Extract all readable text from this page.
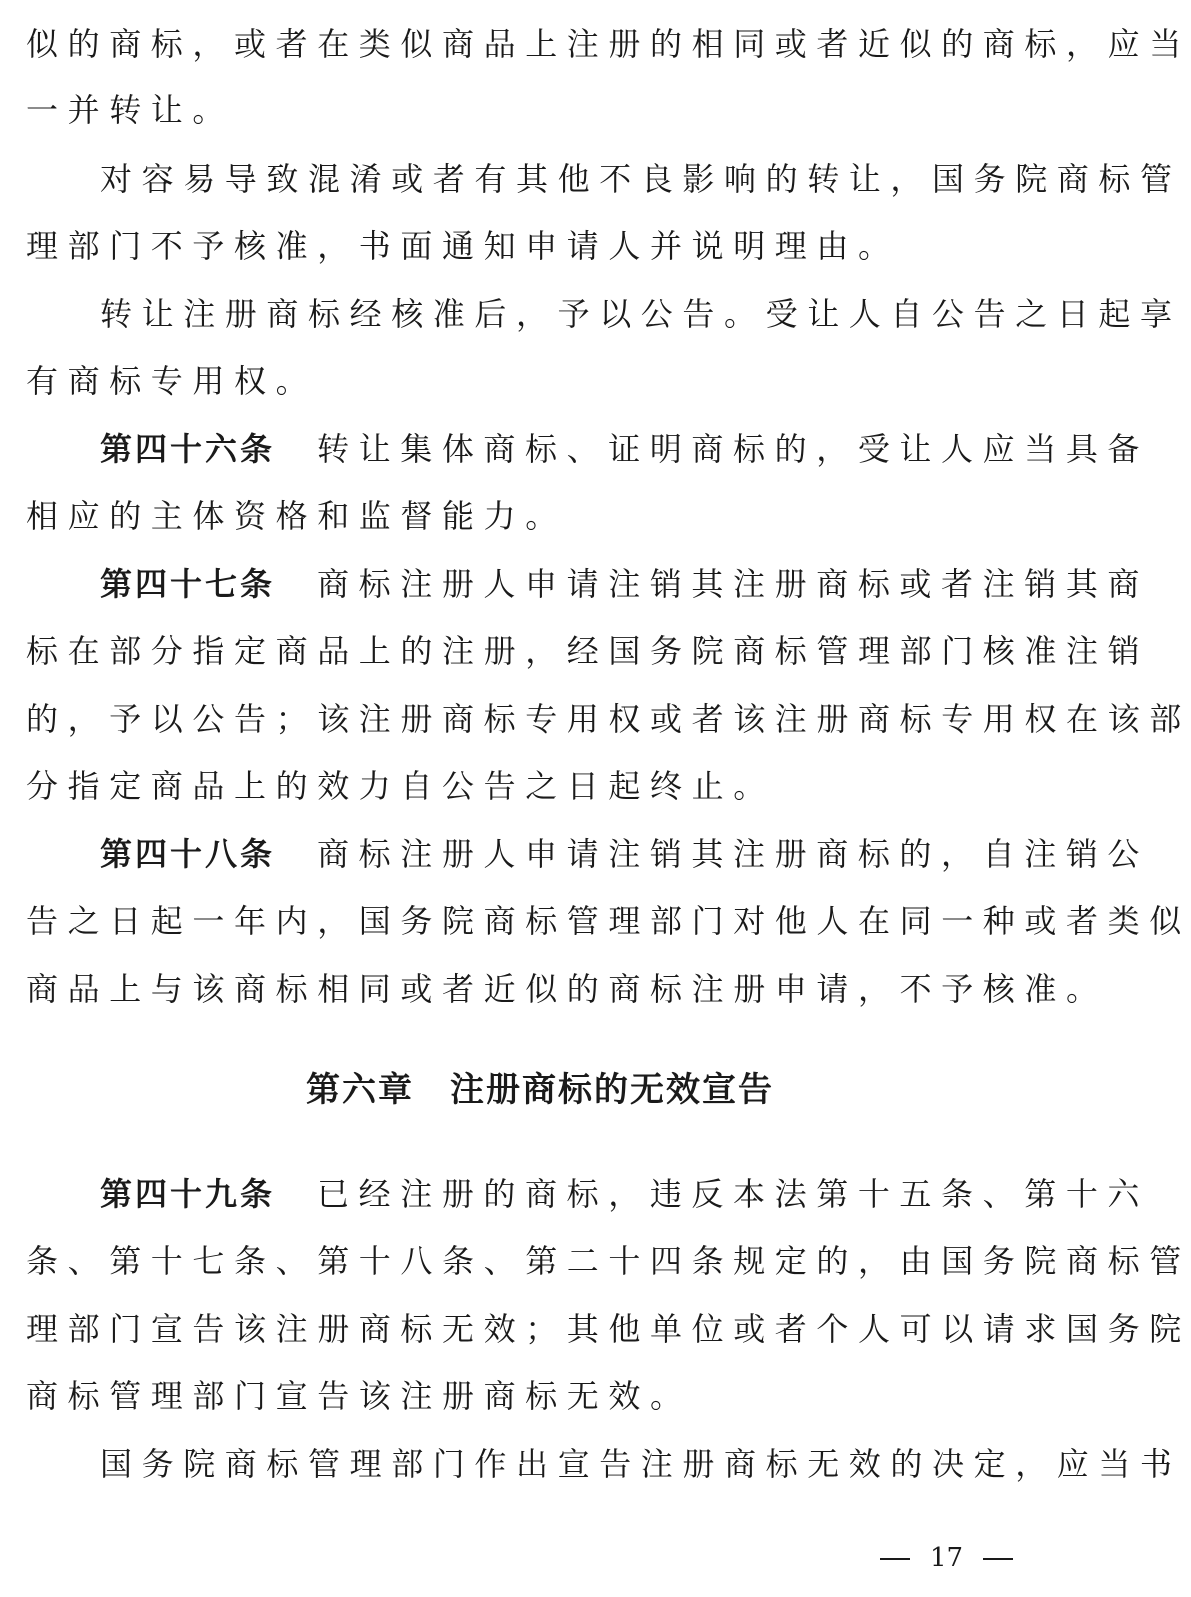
似的商标，或者在类似商品上注册的相同或者近似的商标，应当
一并转让。
对容易导致混淆或者有其他不良影响的转让，国务院商标管
理部门不予核准，书面通知申请人并说明理由。
转让注册商标经核准后，予以公告。受让人自公告之日起享
有商标专用权。
第四十六条 转让集体商标、证明商标的，受让人应当具备
相应的主体资格和监督能力。
第四十七条 商标注册人申请注销其注册商标或者注销其商
标在部分指定商品上的注册，经国务院商标管理部门核准注销
的，予以公告；该注册商标专用权或者该注册商标专用权在该部
分指定商品上的效力自公告之日起终止。
第四十八条 商标注册人申请注销其注册商标的，自注销公
告之日起一年内，国务院商标管理部门对他人在同一种或者类似
商品上与该商标相同或者近似的商标注册申请，不予核准。
第六章 注册商标的无效宣告
第四十九条 已经注册的商标，违反本法第十五条、第十六
条、第十七条、第十八条、第二十四条规定的，由国务院商标管
理部门宣告该注册商标无效；其他单位或者个人可以请求国务院
商标管理部门宣告该注册商标无效。
国务院商标管理部门作出宣告注册商标无效的决定，应当书
17
